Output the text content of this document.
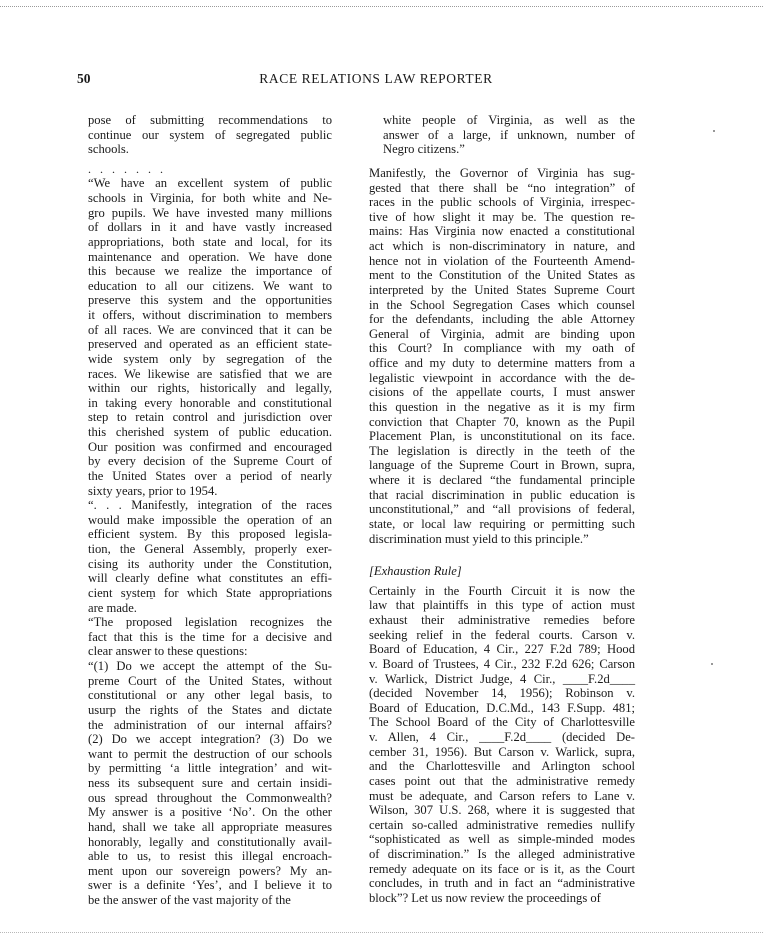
50	RACE RELATIONS LAW REPORTER

pose of submitting recommendations to
continue our system of segregated public
schools.

. . . . . . .

“We have an excellent system of public
schools in Virginia, for both white and Ne-
gro pupils. We have invested many millions
of dollars in it and have vastly increased
appropriations, both state and local, for its
maintenance and operation. We have done
this because we realize the importance of
education to all our citizens. We want to
preserve this system and the opportunities
it offers, without discrimination to members
of all races. We are convinced that it can be
preserved and operated as an efficient state-
wide system only by segregation of the
races. We likewise are satisfied that we are
within our rights, historically and legally,
in taking every honorable and constitutional
step to retain control and jurisdiction over
this cherished system of public education.
Our position was confirmed and encouraged
by every decision of the Supreme Court of
the United States over a period of nearly
sixty years, prior to 1954.

“. . . Manifestly, integration of the races
would make impossible the operation of an
efficient system. By this proposed legisla-
tion, the General Assembly, properly exer-
cising its authority under the Constitution,
will clearly define what constitutes an effi-
cient system for which State appropriations
are made.

“The proposed legislation recognizes the
fact that this is the time for a decisive and
clear answer to these questions:

“(1) Do we accept the attempt of the Su-
preme Court of the United States, without
constitutional or any other legal basis, to
usurp the rights of the States and dictate
the administration of our internal affairs?
(2) Do we accept integration? (3) Do we
want to permit the destruction of our schools
by permitting ‘a little integration’ and wit-
ness its subsequent sure and certain insidi-
ous spread throughout the Commonwealth?
My answer is a positive ‘No’. On the other
hand, shall we take all appropriate measures
honorably, legally and constitutionally avail-
able to us, to resist this illegal encroach-
ment upon our sovereign powers? My an-
swer is a definite ‘Yes’, and I believe it to
be the answer of the vast majority of the

white people of Virginia, as well as the
answer of a large, if unknown, number of
Negro citizens.”

Manifestly, the Governor of Virginia has sug-
gested that there shall be “no integration” of
races in the public schools of Virginia, irrespec-
tive of how slight it may be. The question re-
mains: Has Virginia now enacted a constitutional
act which is non-discriminatory in nature, and
hence not in violation of the Fourteenth Amend-
ment to the Constitution of the United States as
interpreted by the United States Supreme Court
in the School Segregation Cases which counsel
for the defendants, including the able Attorney
General of Virginia, admit are binding upon
this Court? In compliance with my oath of
office and my duty to determine matters from a
legalistic viewpoint in accordance with the de-
cisions of the appellate courts, I must answer
this question in the negative as it is my firm
conviction that Chapter 70, known as the Pupil
Placement Plan, is unconstitutional on its face.
The legislation is directly in the teeth of the
language of the Supreme Court in Brown, supra,
where it is declared “the fundamental principle
that racial discrimination in public education is
unconstitutional,” and “all provisions of federal,
state, or local law requiring or permitting such
discrimination must yield to this principle.”

[Exhaustion Rule]

Certainly in the Fourth Circuit it is now the
law that plaintiffs in this type of action must
exhaust their administrative remedies before
seeking relief in the federal courts. Carson v.
Board of Education, 4 Cir., 227 F.2d 789; Hood
v. Board of Trustees, 4 Cir., 232 F.2d 626; Carson
v. Warlick, District Judge, 4 Cir., ____F.2d____
(decided November 14, 1956); Robinson v.
Board of Education, D.C.Md., 143 F.Supp. 481;
The School Board of the City of Charlottesville
v. Allen, 4 Cir., ____F.2d____ (decided De-
cember 31, 1956). But Carson v. Warlick, supra,
and the Charlottesville and Arlington school
cases point out that the administrative remedy
must be adequate, and Carson refers to Lane v.
Wilson, 307 U.S. 268, where it is suggested that
certain so-called administrative remedies nullify
“sophisticated as well as simple-minded modes
of discrimination.” Is the alleged administrative
remedy adequate on its face or is it, as the Court
concludes, in truth and in fact an “administrative
block”? Let us now review the proceedings of
